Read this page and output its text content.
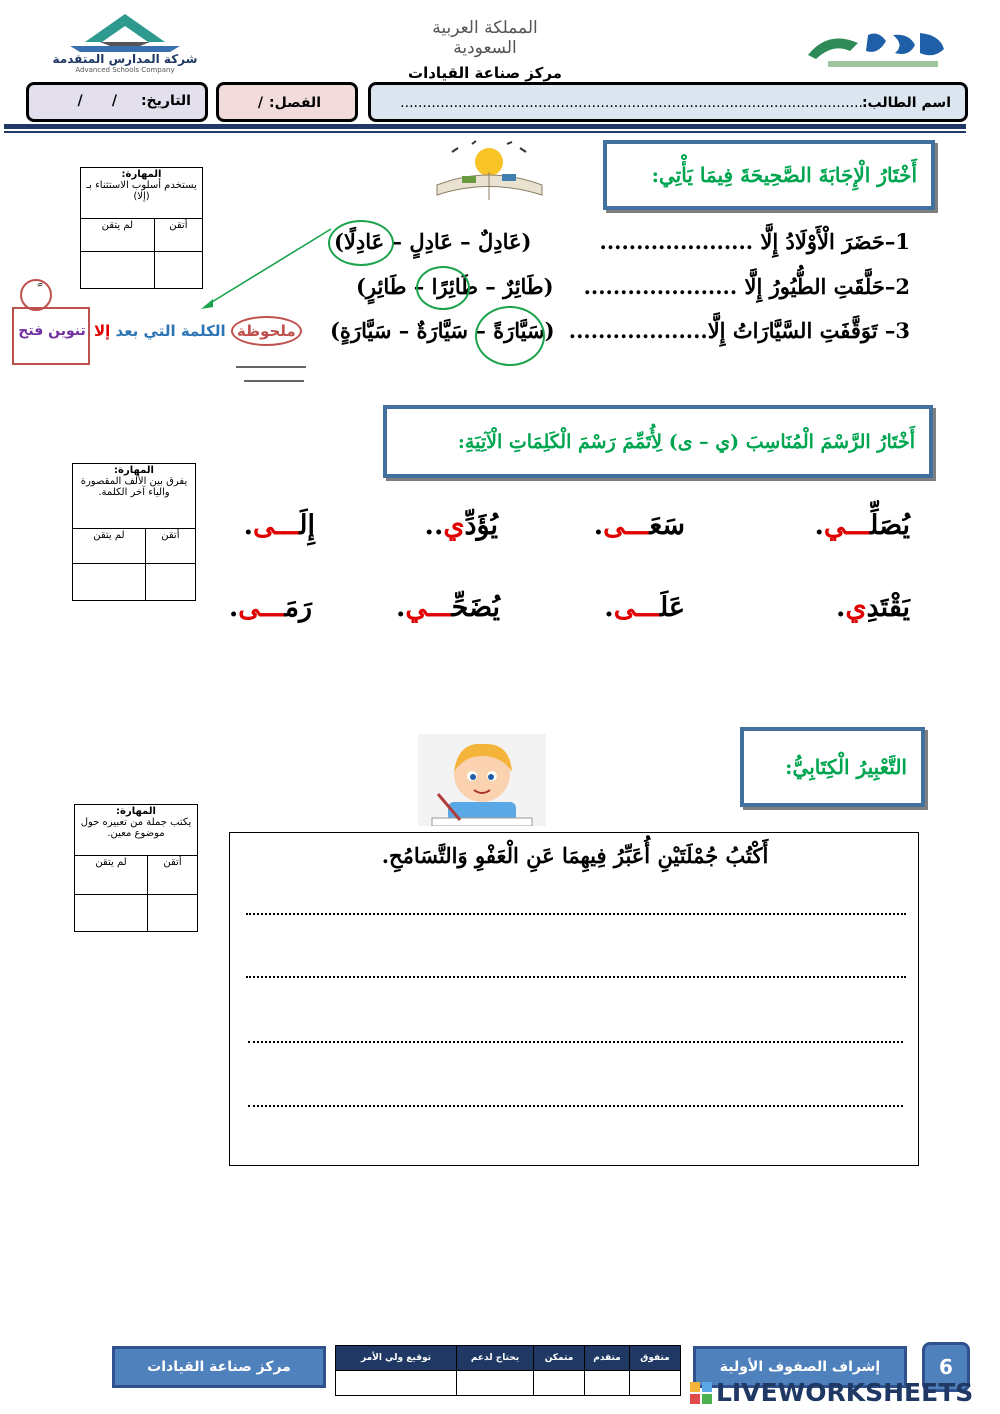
شركة المدارس المتقدمة
Advanced Schools Company
المملكة العربية السعودية
مركز صناعة القيادات
اسم الطالب:
........................................................................................................
الفصل:
/
التاريخ:
/      /
أَخْتَارُ الْإِجَابَةَ الصَّحِيحَةَ فِيمَا يَأْتِي:
المهارة:
يستخدم أسلوب الاستثناء بـ (إلا)	
أتقن	لم يتقن

1–حَضَرَ الْأَوْلَادُ إِلَّا .....................
(عَادِلٌ – عَادِلٍ – عَادِلًا)
2–حَلَّقَتِ الطُّيُورُ إِلَّا .....................
(طَائِرٌ – طَائِرًا – طَائِرٍ)
3– تَوَقَّفَتِ السَّيَّارَاتُ إِلَّا...................
(سَيَّارَةً – سَيَّارَةٌ – سَيَّارَةٍ)
تنوين فتح	ملحوظة الكلمة التي بعد إلا
أَخْتَارُ الرَّسْمَ الْمُنَاسِبَ (ي – ى) لِأُتَمِّمَ رَسْمَ الْكَلِمَاتِ الْآتِيَةِ:
المهارة:
يفرق بين الألف المقصورة والياء آخر الكلمة.	
أتقن	لم يتقن
		يُصَلِّـــي.
سَعَـــى.
يُؤَدِّي..
إِلَـــى.
يَقْتَدِي.
عَلَـــى.
يُضَحِّـــي.
رَمَـــى.
التَّعْبِيرُ الْكِتَابِيُّ:
المهارة:
يكتب جملة من تعبيره حول موضوع معين.	
أتقن	لم يتقن
		أَكْتُبُ جُمْلَتَيْنِ أُعَبِّرُ فِيهِمَا عَنِ الْعَفْوِ وَالتَّسَامُحِ.
مركز صناعة القيادات
متفوق	متقدم	متمكن	يحتاج لدعم	توقيع ولي الأمر

إشراف الصفوف الأولية	6
LIVEWORKSHEETS
